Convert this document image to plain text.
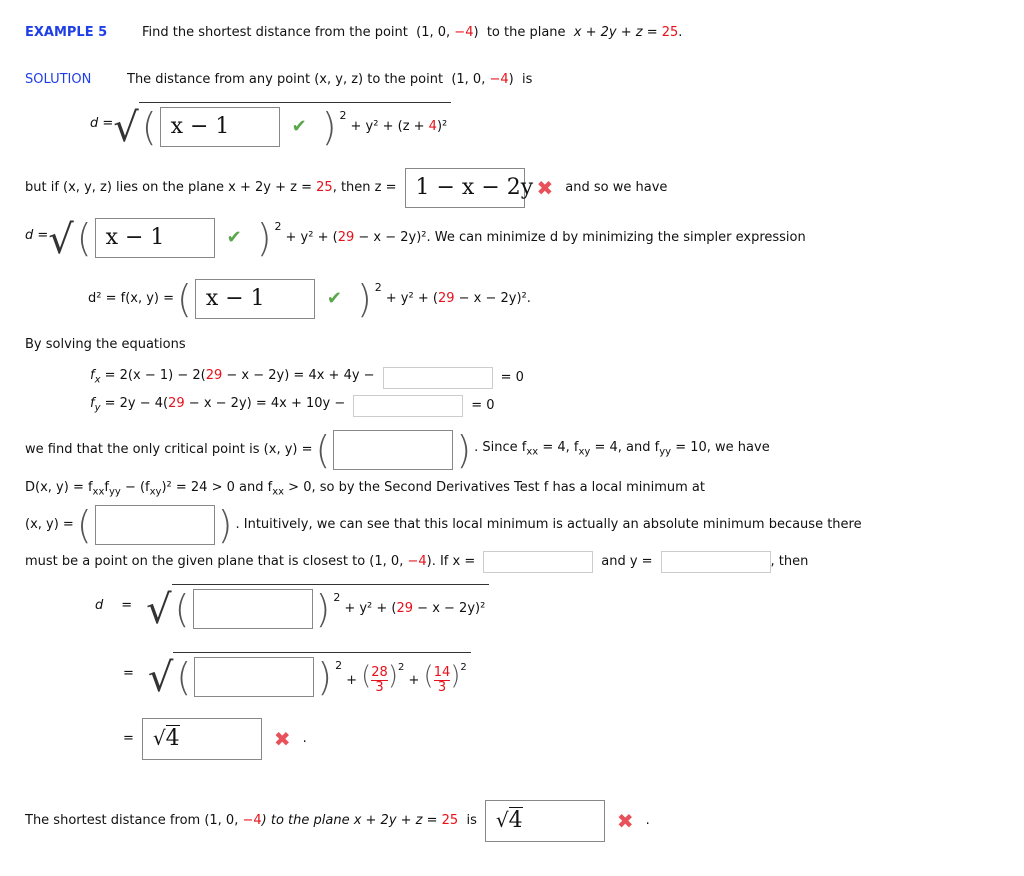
EXAMPLE 5	Find the shortest distance from the point (1, 0, −4) to the plane x + 2y + z = 25.
SOLUTION	The distance from any point (x, y, z) to the point (1, 0, −4) is
d = √ ( x − 1	✔ ) 2
+ y² + (z + 4)²
but if (x, y, z) lies on the plane x + 2y + z = 25, then z = 1 − x − 2y ✖ and so we have
d = √ ( x − 1	✔ ) 2
+ y² + (29 − x − 2y)². We can minimize d by minimizing the simpler expression
d² = f(x, y) = ( x − 1	✔ ) 2
+ y² + (29 − x − 2y)².
By solving the equations
$f_x = 2(x - 1) - 2(29 - x - 2y) = 4x + 4y$ −	= 0
$f_y = 2y - 4(29 - x - 2y) = 4x + 10y$ −	= 0
we find that the only critical point is (x, y) = (	) . Since $f_{xx} = 4$, $f_{xy} = 4$, and $f_{yy} = 10$, we have
D(x, $y) = f_{xx}f_{yy} - (f_{xy})^2 = 24 > 0$ and $f_{xx} > 0$, so by the Second Derivatives Test f has a local minimum at
(x, y) = (	) . Intuitively, we can see that this local minimum is actually an absolute minimum because there
must be a point on the given plane that is closest to (1, 0, −4). If x =	and y =	, then
d = √ (	) 2
+ y² + (29 − x − 2y)²
= √ (	) 2
+ ( $\frac{28}{3} )^2$ + ( $\frac{14}{3} )^2$
= √4	✖ .
The shortest distance from (1, 0, −4) to the plane x + 2y + z = 25 is √4	✖ .
